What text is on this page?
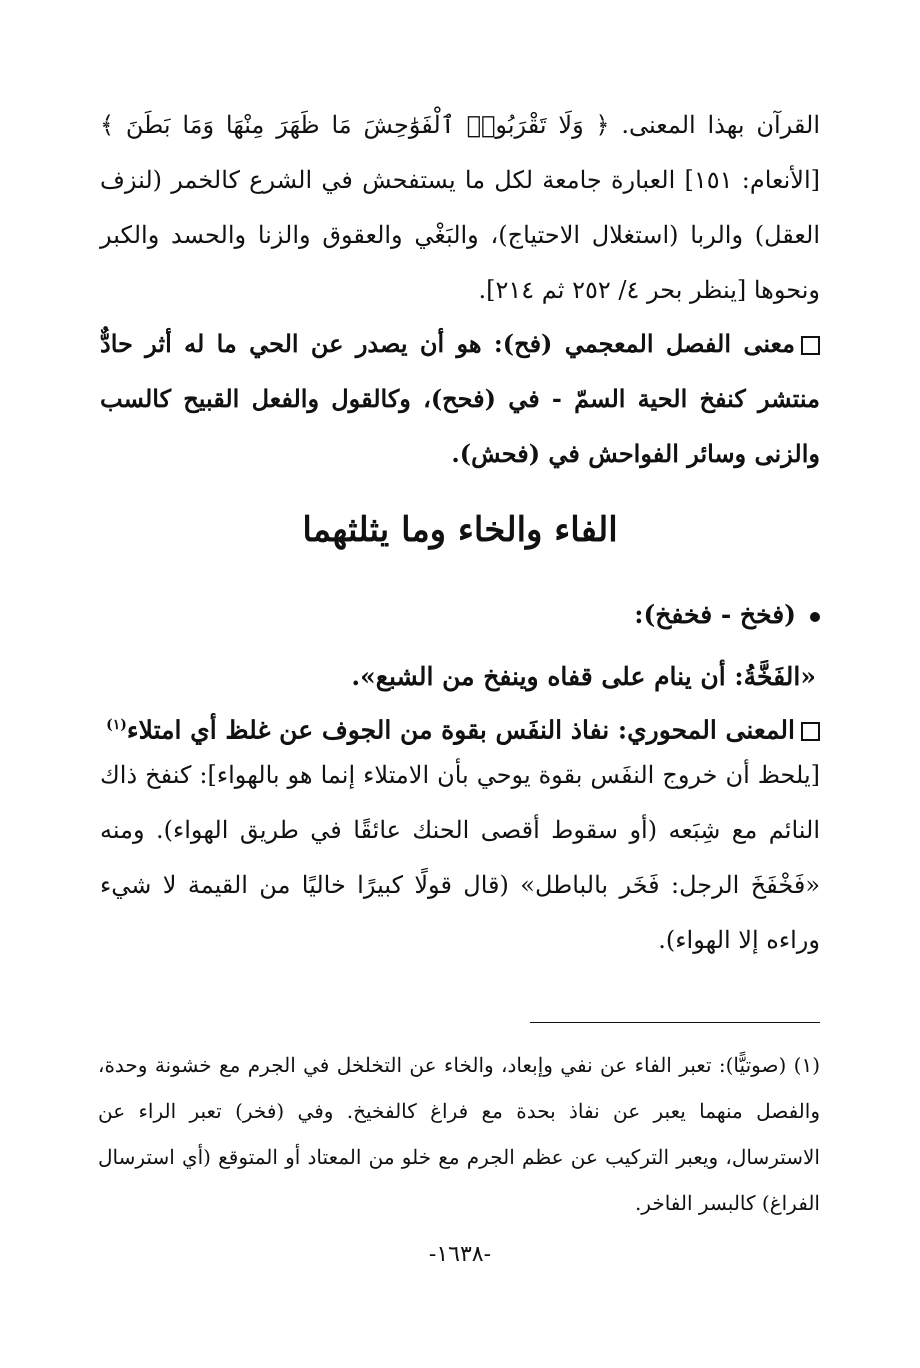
القرآن بهذا المعنى. ﴿ وَلَا تَقْرَبُوا۟ ٱلْفَوَٰحِشَ مَا ظَهَرَ مِنْهَا وَمَا بَطَنَ ﴾ [الأنعام: ١٥١] العبارة جامعة لكل ما يستفحش في الشرع كالخمر (لنزف العقل) والربا (استغلال الاحتياج)، والبَغْي والعقوق والزنا والحسد والكبر ونحوها [ينظر بحر ٤/ ٢٥٢ ثم ٢١٤].
معنى الفصل المعجمي (فح): هو أن يصدر عن الحي ما له أثر حادٌّ منتشر كنفخ الحية السمّ - في (فحح)، وكالقول والفعل القبيح كالسب والزنى وسائر الفواحش في (فحش).
الفاء والخاء وما يثلثهما
(فخخ - فخفخ):
«الفَخَّةُ: أن ينام على قفاه وينفخ من الشبع».
المعنى المحوري: نفاذ النفَس بقوة من الجوف عن غلظ أي امتلاء$^{(١)}$
[يلحظ أن خروج النفَس بقوة يوحي بأن الامتلاء إنما هو بالهواء]: كنفخ ذاك النائم مع شِبَعه (أو سقوط أقصى الحنك عائقًا في طريق الهواء). ومنه «فَخْفَخَ الرجل: فَخَر بالباطل» (قال قولًا كبيرًا خاليًا من القيمة لا شيء وراءه إلا الهواء).
(١) (صوتيًّا): تعبر الفاء عن نفي وإبعاد، والخاء عن التخلخل في الجرم مع خشونة وحدة، والفصل منهما يعبر عن نفاذ بحدة مع فراغ كالفخيخ. وفي (فخر) تعبر الراء عن الاسترسال، ويعبر التركيب عن عظم الجرم مع خلو من المعتاد أو المتوقع (أي استرسال الفراغ) كالبسر الفاخر.
-١٦٣٨-
